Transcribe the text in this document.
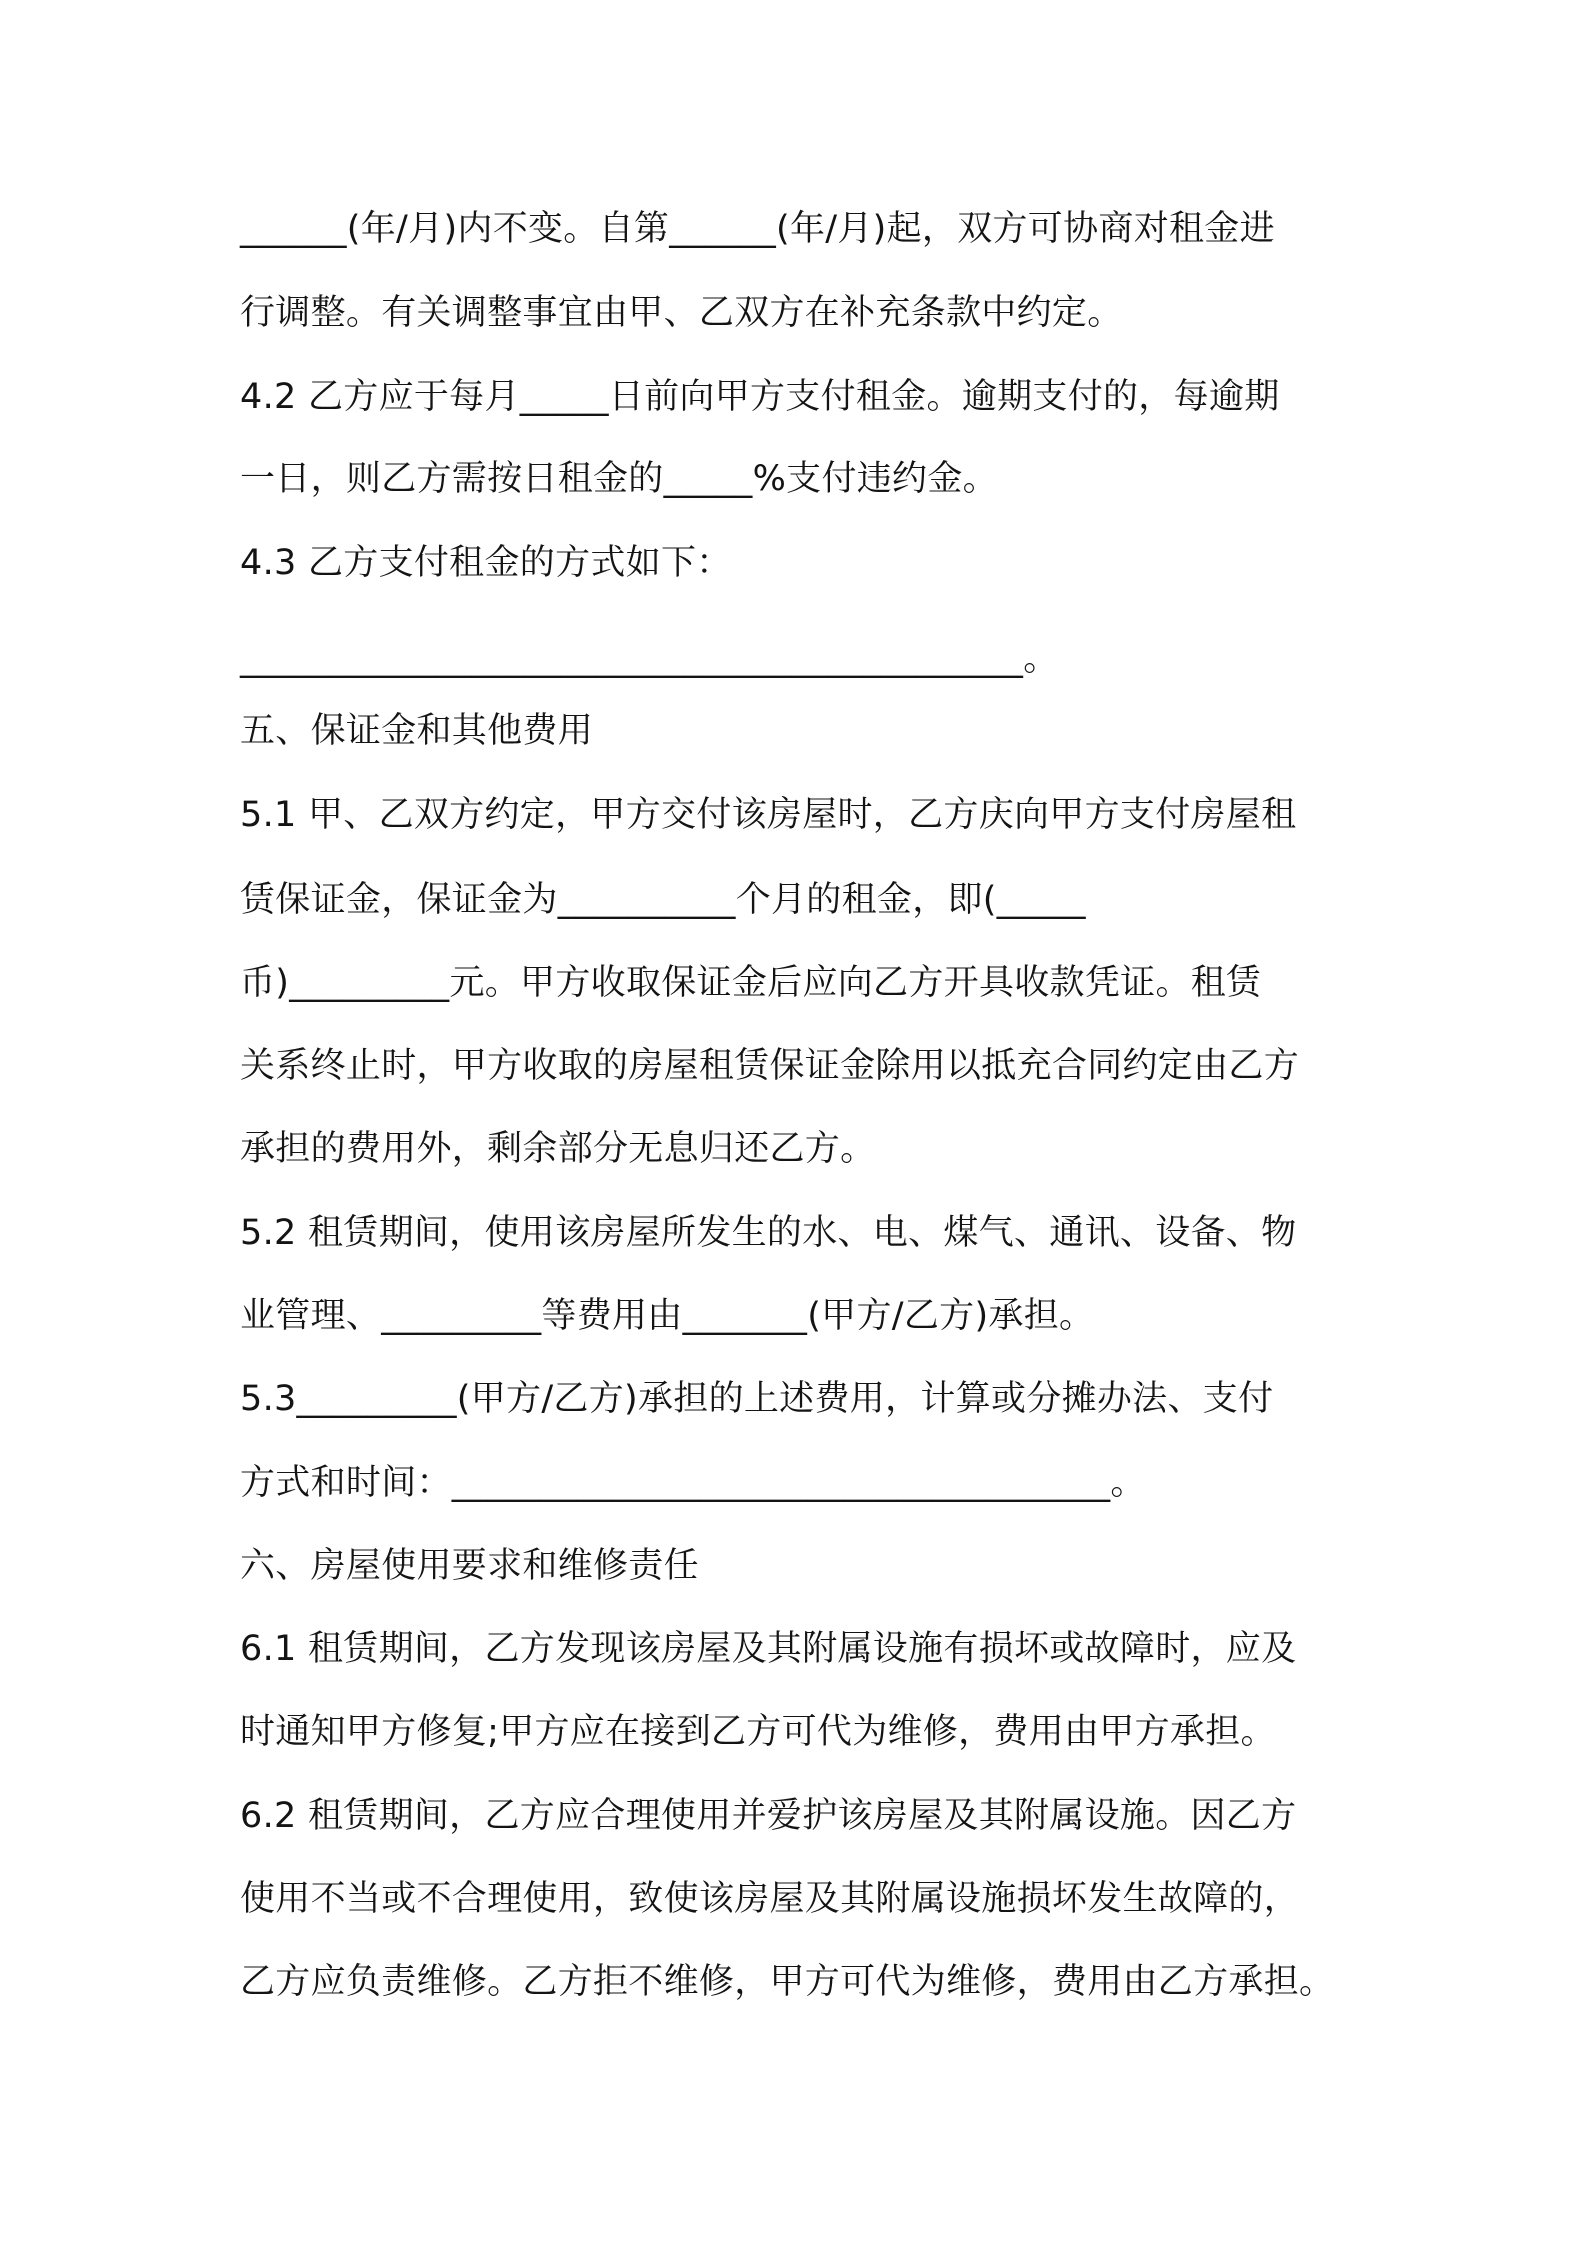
______(年/月)内不变。自第______(年/月)起，双方可协商对租金进
行调整。有关调整事宜由甲、乙双方在补充条款中约定。
4.2 乙方应于每月_____日前向甲方支付租金。逾期支付的，每逾期
一日，则乙方需按日租金的_____%支付违约金。
4.3 乙方支付租金的方式如下：
____________________________________________。
五、保证金和其他费用
5.1 甲、乙双方约定，甲方交付该房屋时，乙方庆向甲方支付房屋租
赁保证金，保证金为__________个月的租金，即(_____
币)_________元。甲方收取保证金后应向乙方开具收款凭证。租赁
关系终止时，甲方收取的房屋租赁保证金除用以抵充合同约定由乙方
承担的费用外，剩余部分无息归还乙方。
5.2 租赁期间，使用该房屋所发生的水、电、煤气、通讯、设备、物
业管理、_________等费用由_______(甲方/乙方)承担。
5.3_________(甲方/乙方)承担的上述费用，计算或分摊办法、支付
方式和时间：_____________________________________。
六、房屋使用要求和维修责任
6.1 租赁期间，乙方发现该房屋及其附属设施有损坏或故障时，应及
时通知甲方修复;甲方应在接到乙方可代为维修，费用由甲方承担。
6.2 租赁期间，乙方应合理使用并爱护该房屋及其附属设施。因乙方
使用不当或不合理使用，致使该房屋及其附属设施损坏发生故障的，
乙方应负责维修。乙方拒不维修，甲方可代为维修，费用由乙方承担。
